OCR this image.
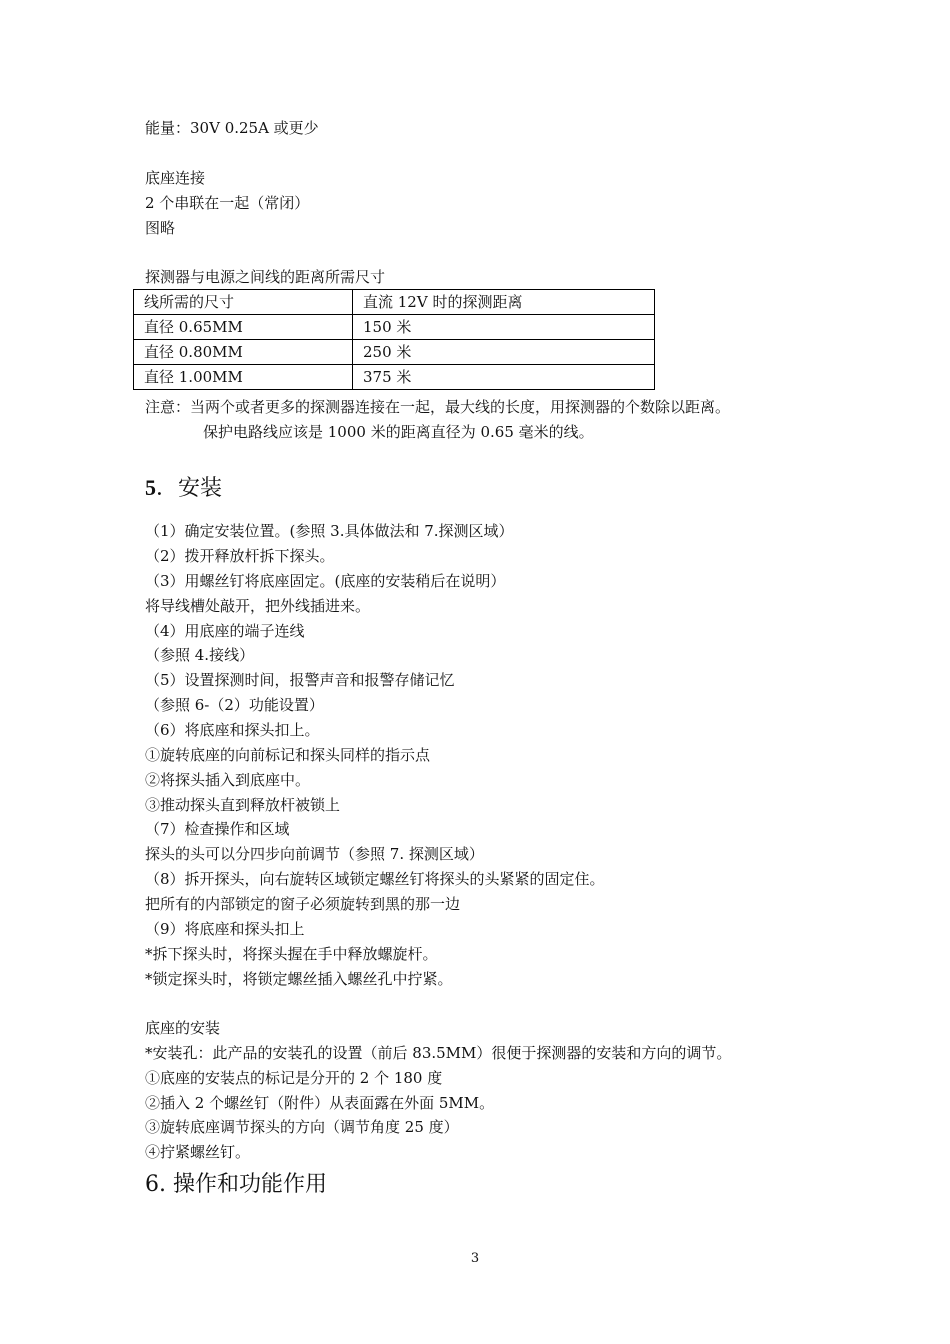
能量：30V 0.25A 或更少
底座连接
2 个串联在一起（常闭）
图略
探测器与电源之间线的距离所需尺寸
线所需的尺寸	直流 12V 时的探测距离
直径 0.65MM	150 米
直径 0.80MM	250 米
直径 1.00MM	375 米
注意：当两个或者更多的探测器连接在一起，最大线的长度，用探测器的个数除以距离。
保护电路线应该是 1000 米的距离直径为 0.65 毫米的线。
5．安装
（1）确定安装位置。(参照 3.具体做法和 7.探测区域）
（2）拨开释放杆拆下探头。
（3）用螺丝钉将底座固定。(底座的安装稍后在说明）
将导线槽处敲开，把外线插进来。
（4）用底座的端子连线
（参照 4.接线）
（5）设置探测时间，报警声音和报警存储记忆
（参照 6-（2）功能设置）
（6）将底座和探头扣上。
①旋转底座的向前标记和探头同样的指示点
②将探头插入到底座中。
③推动探头直到释放杆被锁上
（7）检查操作和区域
探头的头可以分四步向前调节（参照 7. 探测区域）
（8）拆开探头，向右旋转区域锁定螺丝钉将探头的头紧紧的固定住。
把所有的内部锁定的窗子必须旋转到黑的那一边
（9）将底座和探头扣上
*拆下探头时，将探头握在手中释放螺旋杆。
*锁定探头时，将锁定螺丝插入螺丝孔中拧紧。
底座的安装
*安装孔：此产品的安装孔的设置（前后 83.5MM）很便于探测器的安装和方向的调节。
①底座的安装点的标记是分开的 2 个 180 度
②插入 2 个螺丝钉（附件）从表面露在外面 5MM。
③旋转底座调节探头的方向（调节角度 25 度）
④拧紧螺丝钉。
6. 操作和功能作用
3
